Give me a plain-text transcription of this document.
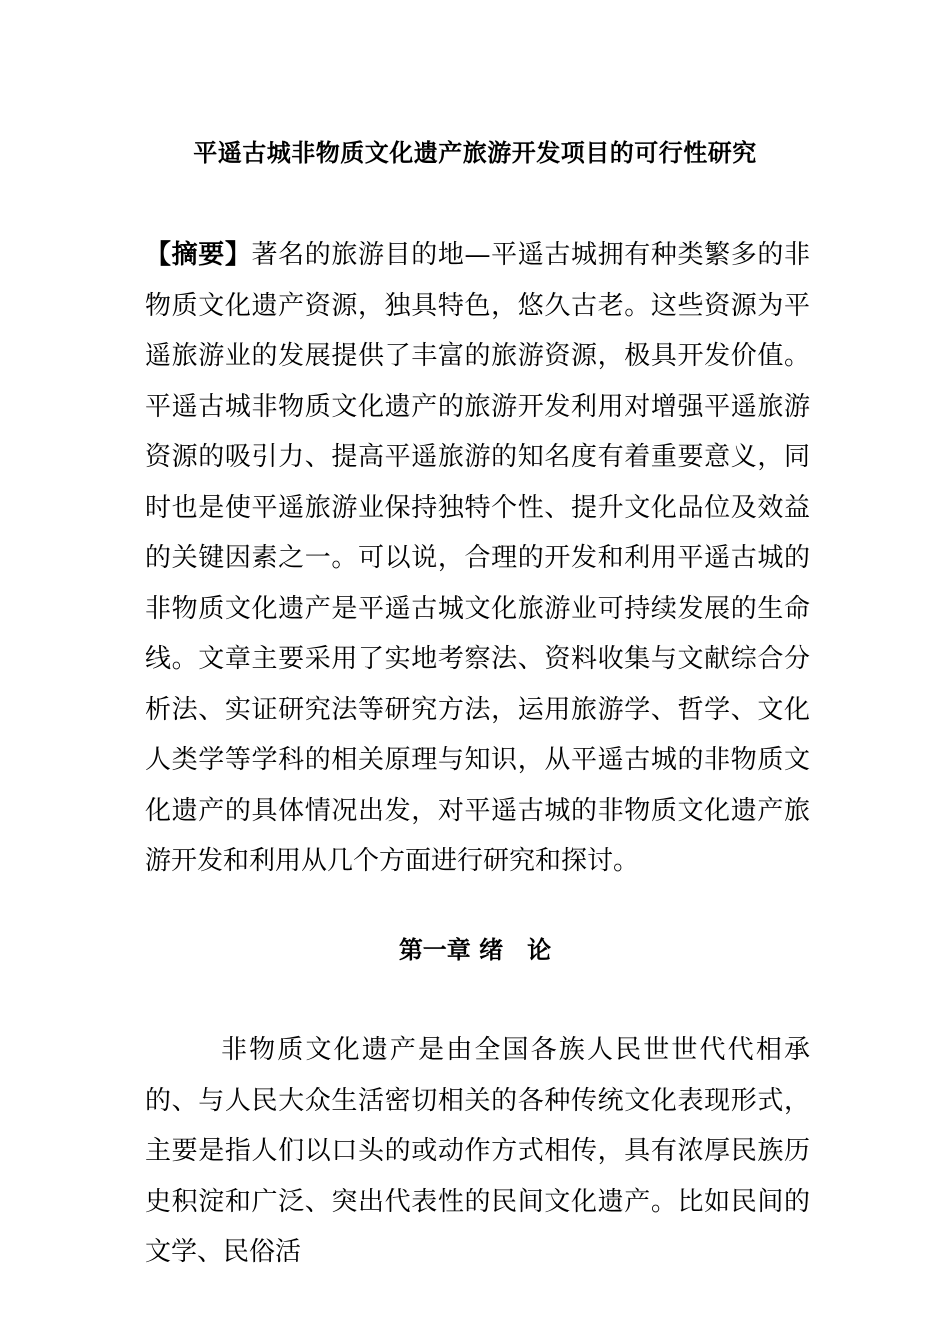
平遥古城非物质文化遗产旅游开发项目的可行性研究

【摘要】著名的旅游目的地—平遥古城拥有种类繁多的非物质文化遗产资源，独具特色，悠久古老。这些资源为平遥旅游业的发展提供了丰富的旅游资源，极具开发价值。平遥古城非物质文化遗产的旅游开发利用对增强平遥旅游资源的吸引力、提高平遥旅游的知名度有着重要意义，同时也是使平遥旅游业保持独特个性、提升文化品位及效益的关键因素之一。可以说，合理的开发和利用平遥古城的非物质文化遗产是平遥古城文化旅游业可持续发展的生命线。文章主要采用了实地考察法、资料收集与文献综合分析法、实证研究法等研究方法，运用旅游学、哲学、文化人类学等学科的相关原理与知识，从平遥古城的非物质文化遗产的具体情况出发，对平遥古城的非物质文化遗产旅游开发和利用从几个方面进行研究和探讨。

第一章 绪　论

非物质文化遗产是由全国各族人民世世代代相承的、与人民大众生活密切相关的各种传统文化表现形式，主要是指人们以口头的或动作方式相传，具有浓厚民族历史积淀和广泛、突出代表性的民间文化遗产。比如民间的文学、民俗活
